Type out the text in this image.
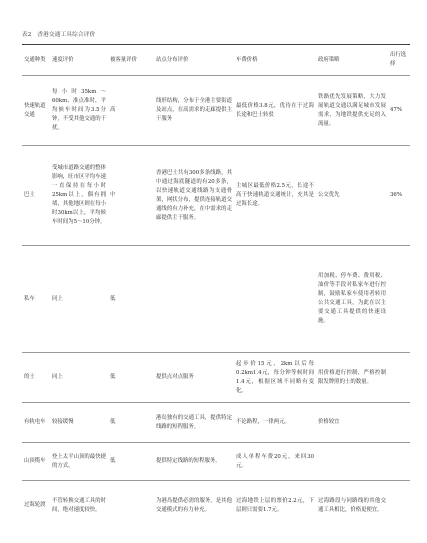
表2　香港交通工具综合评价
交通种类	速度评价	被客量评价	站点分布评价	车费价格	政府策略	出行选择
快速轨道交通	每小时35km～60km，准点准时，平均候车时间为3.5分钟，不受其他交通的干扰。	高	线形结构，分布于全港主要街道及站点，在高需求的走廊提供主干服务	最低价格3.8元，优待在于过海长途和巴士转驳	铁路优先发展策略，大力发展轨道交通以满足城市发展需求，为地铁提供充足的入流量。	47%
巴士	受城市道路交通的整体影响，旺市区平均车速一直保持在每小时25km以上，偶有拥堵，其他地区则在每小时30km以上，平均候车时间为5～10分钟。	中	香港巴士共有300多条线路，其中通过海底隧道的有20多条，以快速轨道交通线路为支通骨架，网状分布，提供连接轨道交通线的有力补充，在中需求的走廊提供主干服务。	主城区最低价格2.5元，长途不高于快速轨道交通统计，充其是过海长途。	公交优先	36%
私车	同上	低			用加税、停车费、费用税、油价等手段对私家车进行控制，鼓励私家车使用者转用公共交通工具，为此在以主要交通工具提供的快速设施。	
的士	同上	低	提供点对点服务	起步价15元，2km以后每0.2km1.4元，每分钟等候时间1.4元，根据区域不同略有变化。	用价格进行控制，严格控制限发牌照的士的数量。	
有轨电车	较接缓慢	低	港岛独有的交通工具，提供特定线路的短程服务。	不论路程，一律两元。	价格较宜	
山顶缆车	登上太平山顶的最快捷的方式。	低	提供特定线路的短程服务。	成人单程车费20元，来回30元。		
过海轮渡	不管转换交通工具的时间，绝对速度较快。		为港岛提供必需的服务，是其他交通模式的有力补充。	过海地铁上层的票价2.2元，下层则只需要1.7元。	过海路段与同路线的其他交通工具相比，价格更便宜。	
